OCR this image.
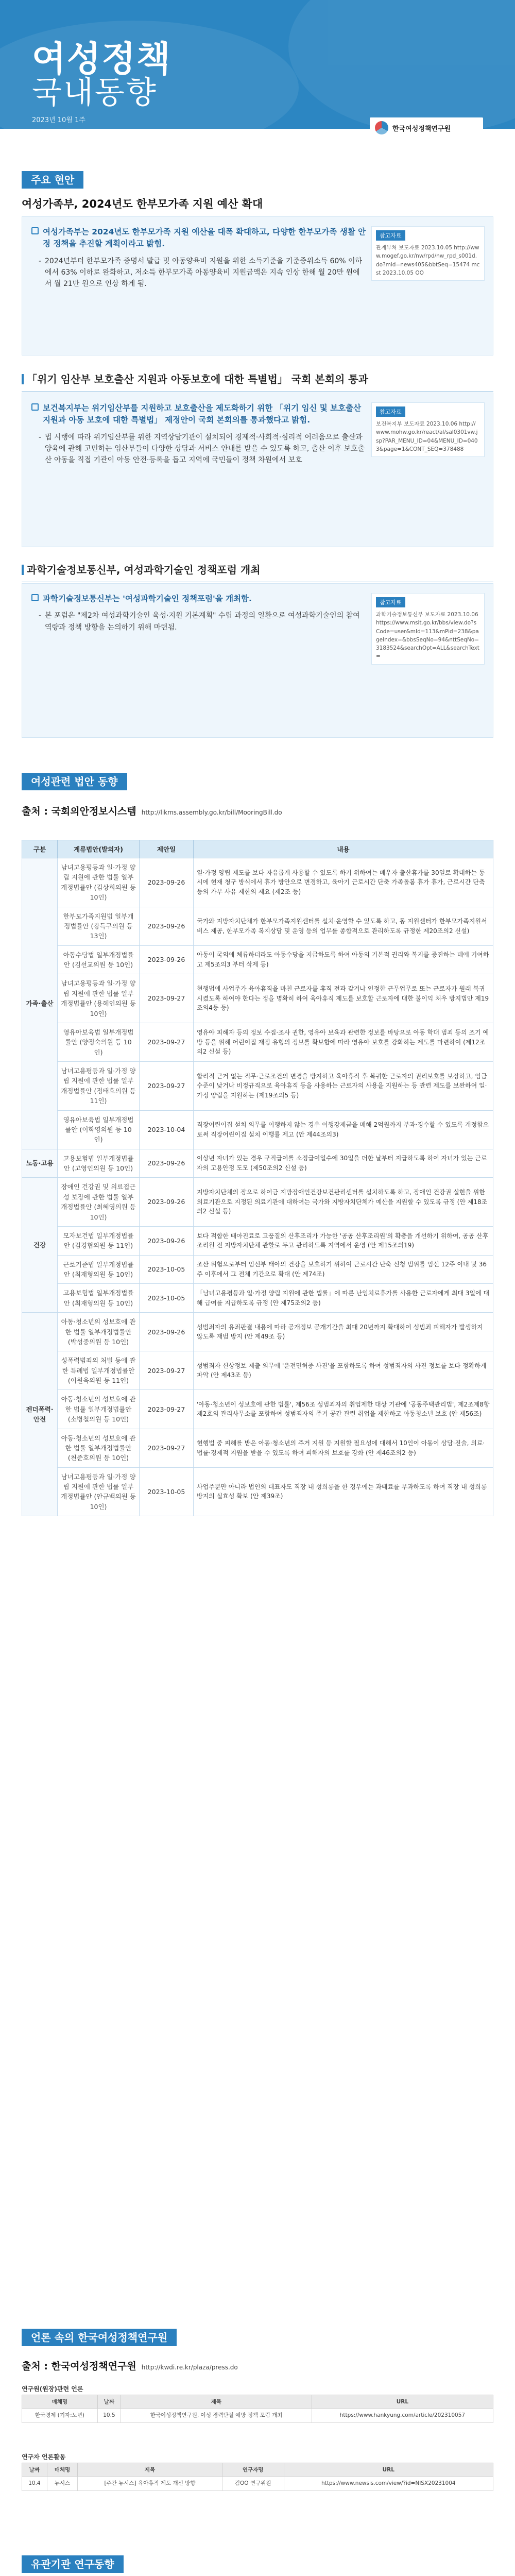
여성정책
국내동향
2023년 10월 1주
한국여성정책연구원
주요 현안
여성가족부, 2024년도 한부모가족 지원 예산 확대
여성가족부는 2024년도 한부모가족 지원 예산을 대폭 확대하고, 다양한 한부모가족 생활 안정 정책을 추진할 계획이라고 밝힘.
- 2024년부터 한부모가족 증명서 발급 및 아동양육비 지원을 위한 소득기준을 기준중위소득 60% 이하에서 63% 이하로 완화하고, 저소득 한부모가족 아동양육비 지원금액은 지속 인상 한해 월 20만 원에서 월 21만 원으로 인상 하게 됨.
참고자료
관계부처 보도자료 2023.10.05 http://www.mogef.go.kr/nw/rpd/nw_rpd_s001d.do?mid=news405&bbtSeq=15474 mcst 2023.10.05 OO
「위기 임산부 보호출산 지원과 아동보호에 대한 특별법」 국회 본회의 통과
보건복지부는 위기임산부를 지원하고 보호출산을 제도화하기 위한 「위기 임신 및 보호출산 지원과 아동 보호에 대한 특별법」 제정안이 국회 본회의를 통과했다고 밝힘.
- 법 시행에 따라 위기임산부를 위한 지역상담기관이 설치되어 경제적·사회적·심리적 어려움으로 출산과 양육에 관해 고민하는 임산부들이 다양한 상담과 서비스 안내를 받을 수 있도록 하고, 출산 이후 보호출산 아동을 직접 기관이 아동 안전·등록을 돕고 지역에 국민들이 정책 차원에서 보호
참고자료
보건복지부 보도자료 2023.10.06 http://www.mohw.go.kr/react/al/sal0301vw.jsp?PAR_MENU_ID=04&MENU_ID=0403&page=1&CONT_SEQ=378488
과학기술정보통신부, 여성과학기술인 정책포럼 개최
과학기술정보통신부는 '여성과학기술인 정책포럼'을 개최함.
- 본 포럼은 "제2차 여성과학기술인 육성·지원 기본계획" 수립 과정의 일환으로 여성과학기술인의 참여 역량과 정책 방향을 논의하기 위해 마련됨.
참고자료
과학기술정보통신부 보도자료 2023.10.06 https://www.msit.go.kr/bbs/view.do?sCode=user&mId=113&mPid=238&pageIndex=&bbsSeqNo=94&nttSeqNo=3183524&searchOpt=ALL&searchText=
여성관련 법안 동향
출처 : 국회의안정보시스템 http://likms.assembly.go.kr/bill/MooringBill.do
구분	계류법안(발의자)	제안일	내용
가족·출산	남녀고용평등과 일·가정 양립 지원에 관한 법률 일부개정법률안 (김상희의원 등 10인)	2023-09-26	일·가정 양립 제도를 보다 자유롭게 사용할 수 있도록 하기 위하여는 배우자 출산휴가를 30일로 확대하는 동시에 현재 청구 방식에서 휴가 방안으로 변경하고, 육아기 근로시간 단축 가족돌봄 휴가 휴가, 근로시간 단축 등의 가부 사유 제한의 제요 (제2조 등)
	한부모가족지원법 일부개정법률안 (강득구의원 등 13인)	2023-09-26	국가와 지방자치단체가 한부모가족지원센터를 설치·운영할 수 있도록 하고, 동 지원센터가 한부모가족지원서비스 제공, 한부모가족 복지상담 및 운영 등의 업무를 종합적으로 관리하도록 규정한 제20조의2 신설)
	아동수당법 일부개정법률안 (김선교의원 등 10인)	2023-09-26	아동이 국외에 체류하더라도 아동수당을 지급하도록 하여 아동의 기본적 권리와 복지를 증진하는 데에 기여하고 제5조의3 부터 삭제 등)
	남녀고용평등과 일·가정 양립 지원에 관한 법률 일부개정법률안 (용혜인의원 등 10인)	2023-09-27	현행법에 사업주가 육아휴직을 마친 근로자를 휴직 전과 같거나 인정한 근무업무로 또는 근로자가 원래 복귀시켰도록 하여야 한다는 정을 명확히 하여 육아휴직 제도를 보호할 근로자에 대한 불이익 처우 방지법안 제19조의4등 등)
	영유아보육법 일부개정법률안 (양정숙의원 등 10인)	2023-09-27	영유아 피해자 등의 정보 수집·조사 권한, 영유아 보육과 관련한 정보를 바탕으로 아동 학대 범죄 등의 조기 예방 등을 위해 어린이집 재정 유형의 정보를 확보함에 따라 영유아 보호를 강화하는 제도를 마련하여 (제12조의2 신설 등)
	남녀고용평등과 일·가정 양립 지원에 관한 법률 일부개정법률안 (정태호의원 등 11인)	2023-09-27	합리적 근거 없는 직무·근로조건의 변경을 방지하고 육아휴직 후 복귀한 근로자의 권리보호를 보장하고, 임금수준이 낮거나 비정규직으로 육아휴직 등을 사용하는 근로자의 사용을 지원하는 등 관련 제도를 보완하여 일·가정 양립을 지원하는 (제19조의5 등)
	영유아보육법 일부개정법률안 (이학영의원 등 10인)	2023-10-04	직장어린이집 설치 의무를 이행하지 않는 경우 이행강제금을 매해 2억원까지 부과·징수할 수 있도록 개정함으로써 직장어린이집 설치 이행률 제고 (안 제44조의3)
노동·고용	고용보험법 일부개정법률안 (고영인의원 등 10인)	2023-09-26	이상년 자녀가 있는 경우 구직급여를 소정급여일수에 30일을 더한 날부터 지급하도록 하여 자녀가 있는 근로자의 고용안정 도모 (제50조의2 신설 등)
건강	장애인 건강권 및 의료접근성 보장에 관한 법률 일부개정법률안 (최혜영의원 등 10인)	2023-09-26	지방자치단체의 장으로 하여금 지방장애인건강보건관리센터를 설치하도록 하고, 장애인 건강권 실현을 위한 의료기관으로 지정된 의료기관에 대하여는 국가와 지방자치단체가 예산을 지원할 수 있도록 규정 (안 제18조의2 신설 등)
	모자보건법 일부개정법률안 (김경협의원 등 11인)	2023-09-26	보다 적합한 태아진료로 고품질의 산후조리가 가능한 '공공 산후조리원'의 확충을 개선하기 위하여, 공공 산후조리원 전 지방자치단체 관할로 두고 관리하도록 지역에서 운영 (안 제15조의19)
	근로기준법 일부개정법률안 (최재형의원 등 10인)	2023-10-05	조산 위험으로부터 임신부 태아의 건강을 보호하기 위하여 근로시간 단축 신청 범위를 임신 12주 이내 및 36주 이후에서 그 전체 기간으로 확대 (안 제74조)
	고용보험법 일부개정법률안 (최재형의원 등 10인)	2023-10-05	「남녀고용평등과 일·가정 양립 지원에 관한 법률」에 따른 난임치료휴가를 사용한 근로자에게 최대 3일에 대해 급여를 지급하도록 규정 (안 제75조의2 등)
젠더폭력·안전	아동·청소년의 성보호에 관한 법률 일부개정법률안 (박성중의원 등 10인)	2023-09-26	성범죄자의 유죄판결 내용에 따라 공개정보 공개기간을 최대 20년까지 확대하여 성범죄 피해자가 발생하지 않도록 재범 방지 (안 제49조 등)
	성폭력범죄의 처벌 등에 관한 특례법 일부개정법률안 (이원욱의원 등 11인)	2023-09-27	성범죄자 신상정보 제출 의무에 '운전면허증 사진'을 포함하도록 하여 성범죄자의 사진 정보를 보다 정확하게 파악 (안 제43조 등)
	아동·청소년의 성보호에 관한 법률 일부개정법률안 (소병철의원 등 10인)	2023-09-27	'아동·청소년이 성보호에 관한 법률', 제56조 성범죄자의 취업제한 대상 기관에 '공동주택관리법', 제2조제8항제2호의 관리사무소를 포함하여 성범죄자의 주거 공간 관련 취업을 제한하고 아동청소년 보호 (안 제56조)
	아동·청소년의 성보호에 관한 법률 일부개정법률안 (천준호의원 등 10인)	2023-09-27	현행법 중 피해를 받은 아동·청소년의 주거 지원 등 지원할 필요성에 대해서 10인이 아동이 상담·진술, 의료·법률·경제적 지원을 받을 수 있도록 하여 피해자의 보호를 강화 (안 제46조의2 등)
	남녀고용평등과 일·가정 양립 지원에 관한 법률 일부개정법률안 (안규백의원 등 10인)	2023-10-05	사업주뿐만 아니라 법인의 대표자도 직장 내 성희롱을 한 경우에는 과태료를 부과하도록 하여 직장 내 성희롱 방지의 실효성 확보 (안 제39조)
언론 속의 한국여성정책연구원
출처 : 한국여성정책연구원 http://kwdi.re.kr/plaza/press.do
연구원(원장)관련 언론
매체명	날짜	제목	URL
한국경제 (기자:노년)	10.5	한국여성정책연구원, 여성 경력단절 예방 정책 포럼 개최	https://www.hankyung.com/article/202310057
연구자 언론활동
날짜	매체명	제목	연구자명	URL
10.4	뉴시스	[주간 뉴시스] 육아휴직 제도 개선 방향	김OO 연구위원	https://www.newsis.com/view/?id=NISX20231004
유관기관 연구동향
